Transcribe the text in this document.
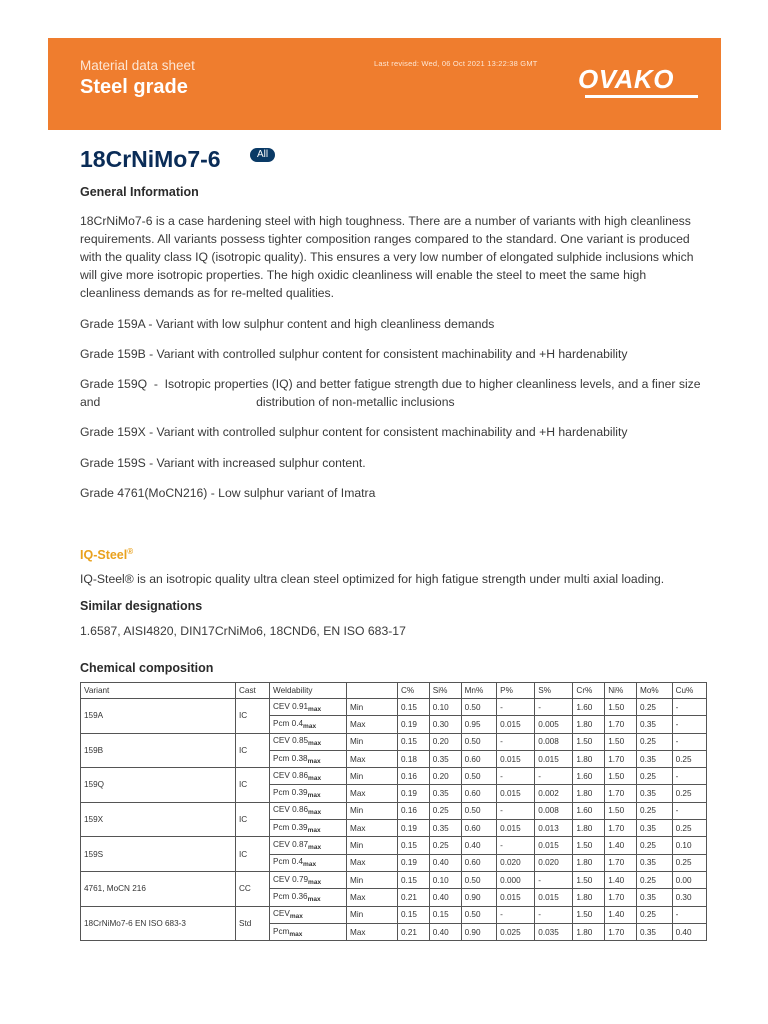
Material data sheet
Steel grade
Last revised: Wed, 06 Oct 2021 13:22:38 GMT
OVAKO
18CrNiMo7-6	All
General Information
18CrNiMo7-6 is a case hardening steel with high toughness. There are a number of variants with high cleanliness requirements. All variants possess tighter composition ranges compared to the standard. One variant is produced with the quality class IQ (isotropic quality). This ensures a very low number of elongated sulphide inclusions which will give more isotropic properties. The high oxidic cleanliness will enable the steel to meet the same high cleanliness demands as for re-melted qualities.
Grade 159A - Variant with low sulphur content and high cleanliness demands
Grade 159B - Variant with controlled sulphur content for consistent machinability and +H hardenability
Grade 159Q  -  Isotropic properties (IQ) and better fatigue strength due to higher cleanliness levels, and a finer size and                                              distribution of non-metallic inclusions
Grade 159X - Variant with controlled sulphur content for consistent machinability and +H hardenability
Grade 159S - Variant with increased sulphur content.
Grade 4761(MoCN216) - Low sulphur variant of Imatra
IQ-Steel®
IQ-Steel® is an isotropic quality ultra clean steel optimized for high fatigue strength under multi axial loading.
Similar designations
1.6587, AISI4820, DIN17CrNiMo6, 18CND6, EN ISO 683-17
Chemical composition
Variant	Cast	Weldability		C%	Si%	Mn%	P%	S%	Cr%	Ni%	Mo%	Cu%
159A	IC	CEV $0.91_{max}$	Min	0.15	0.10	0.50	-	-	1.60	1.50	0.25	-
		Pcm $0.4_{max}$	Max	0.19	0.30	0.95	0.015	0.005	1.80	1.70	0.35	-
159B	IC	CEV $0.85_{max}$	Min	0.15	0.20	0.50	-	0.008	1.50	1.50	0.25	-
		Pcm $0.38_{max}$	Max	0.18	0.35	0.60	0.015	0.015	1.80	1.70	0.35	0.25
159Q	IC	CEV $0.86_{max}$	Min	0.16	0.20	0.50	-	-	1.60	1.50	0.25	-
		Pcm $0.39_{max}$	Max	0.19	0.35	0.60	0.015	0.002	1.80	1.70	0.35	0.25
159X	IC	CEV $0.86_{max}$	Min	0.16	0.25	0.50	-	0.008	1.60	1.50	0.25	-
		Pcm $0.39_{max}$	Max	0.19	0.35	0.60	0.015	0.013	1.80	1.70	0.35	0.25
159S	IC	CEV $0.87_{max}$	Min	0.15	0.25	0.40	-	0.015	1.50	1.40	0.25	0.10
		Pcm $0.4_{max}$	Max	0.19	0.40	0.60	0.020	0.020	1.80	1.70	0.35	0.25
4761, MoCN 216	CC	CEV $0.79_{max}$	Min	0.15	0.10	0.50	0.000	-	1.50	1.40	0.25	0.00
		Pcm $0.36_{max}$	Max	0.21	0.40	0.90	0.015	0.015	1.80	1.70	0.35	0.30
18CrNiMo7-6 EN ISO 683-3	Std	$CEV_{max}$	Min	0.15	0.15	0.50	-	-	1.50	1.40	0.25	-
		Pcm$_{max}$	Max	0.21	0.40	0.90	0.025	0.035	1.80	1.70	0.35	0.40
